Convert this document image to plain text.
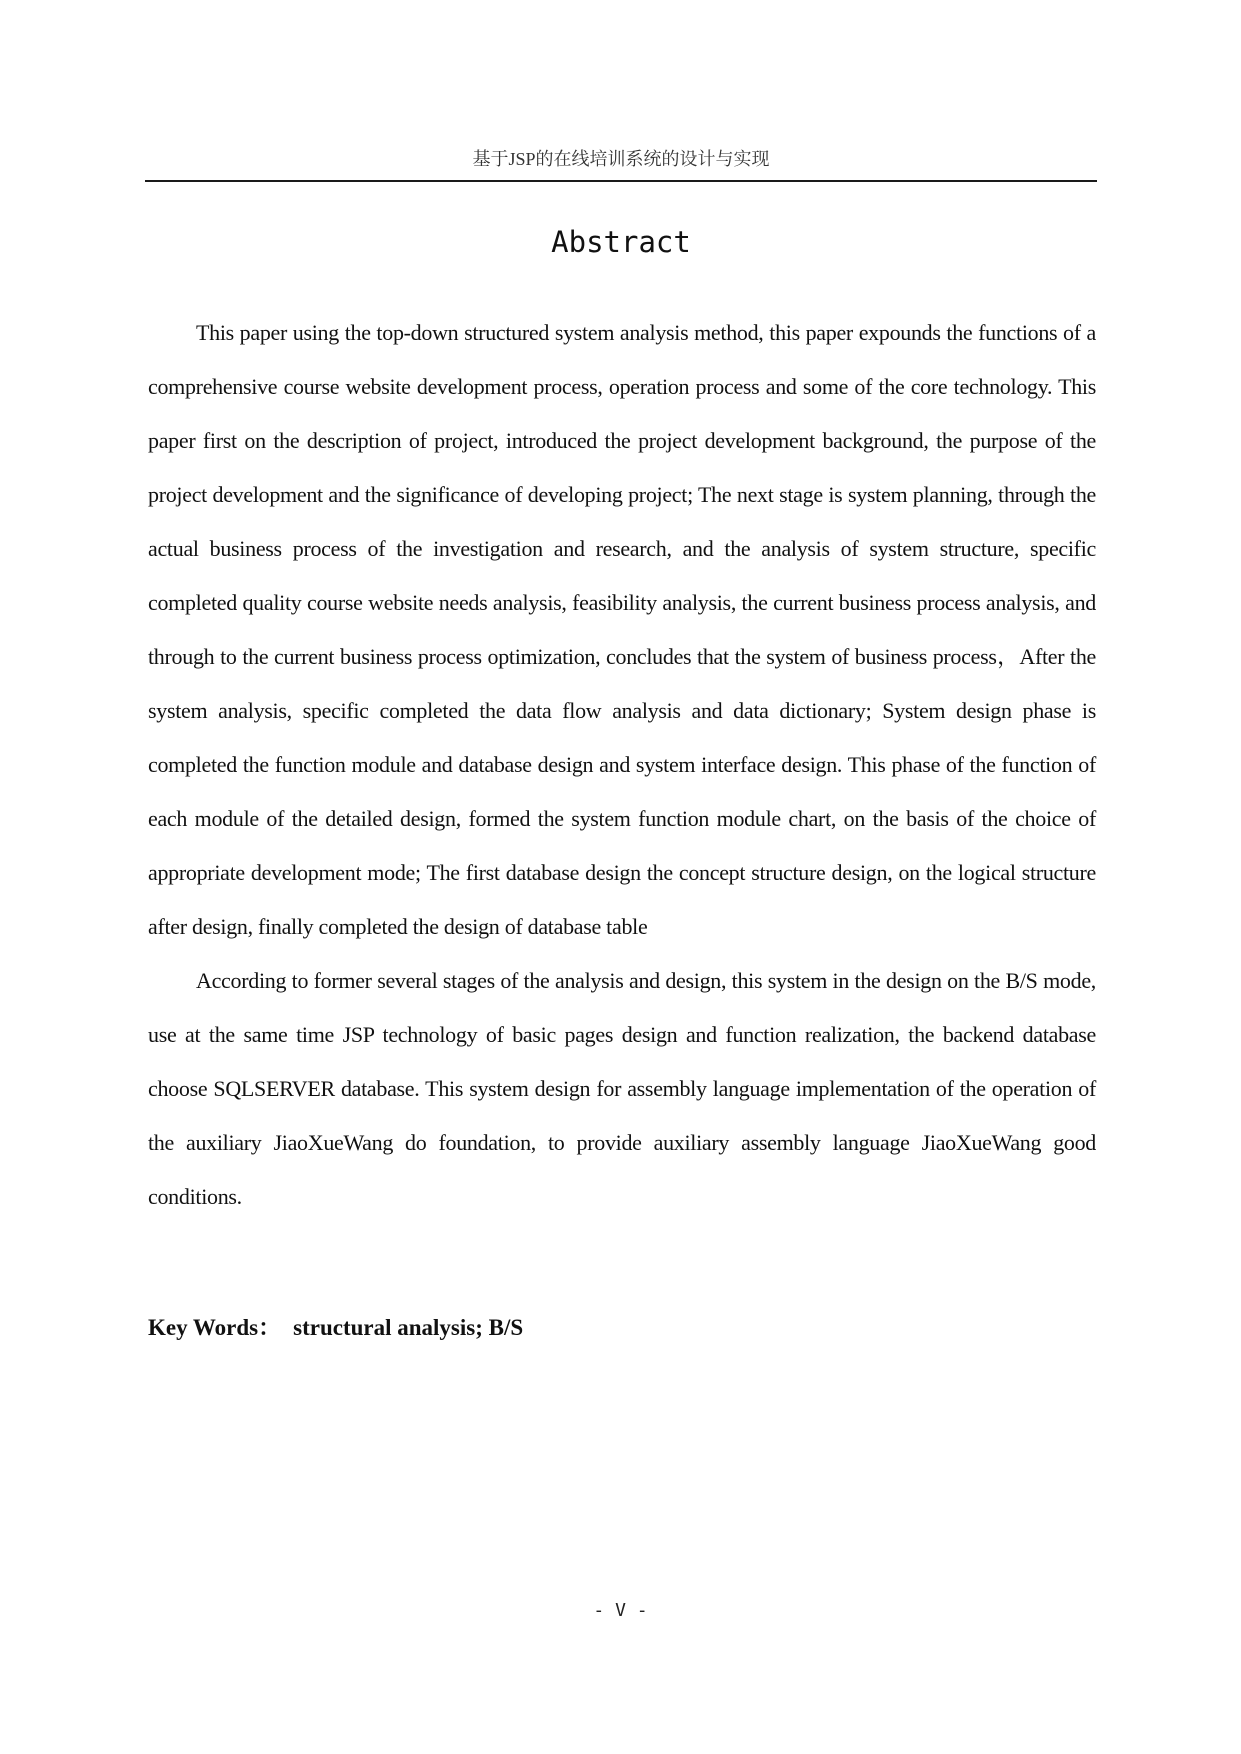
基于JSP的在线培训系统的设计与实现
Abstract

This paper using the top-down structured system analysis method, this paper expounds the functions of a comprehensive course website development process, operation process and some of the core technology. This paper first on the description of project, introduced the project development background, the purpose of the project development and the significance of developing project; The next stage is system planning, through the actual business process of the investigation and research, and the analysis of system structure, specific completed quality course website needs analysis, feasibility analysis, the current business process analysis, and through to the current business process optimization, concludes that the system of business process，After the system analysis, specific completed the data flow analysis and data dictionary; System design phase is completed the function module and database design and system interface design. This phase of the function of each module of the detailed design, formed the system function module chart, on the basis of the choice of appropriate development mode; The first database design the concept structure design, on the logical structure after design, finally completed the design of database table

According to former several stages of the analysis and design, this system in the design on the B/S mode, use at the same time JSP technology of basic pages design and function realization, the backend database choose SQLSERVER database. This system design for assembly language implementation of the operation of the auxiliary JiaoXueWang do foundation, to provide auxiliary assembly language JiaoXueWang good conditions.

Key Words： structural analysis; B/S
- V -
